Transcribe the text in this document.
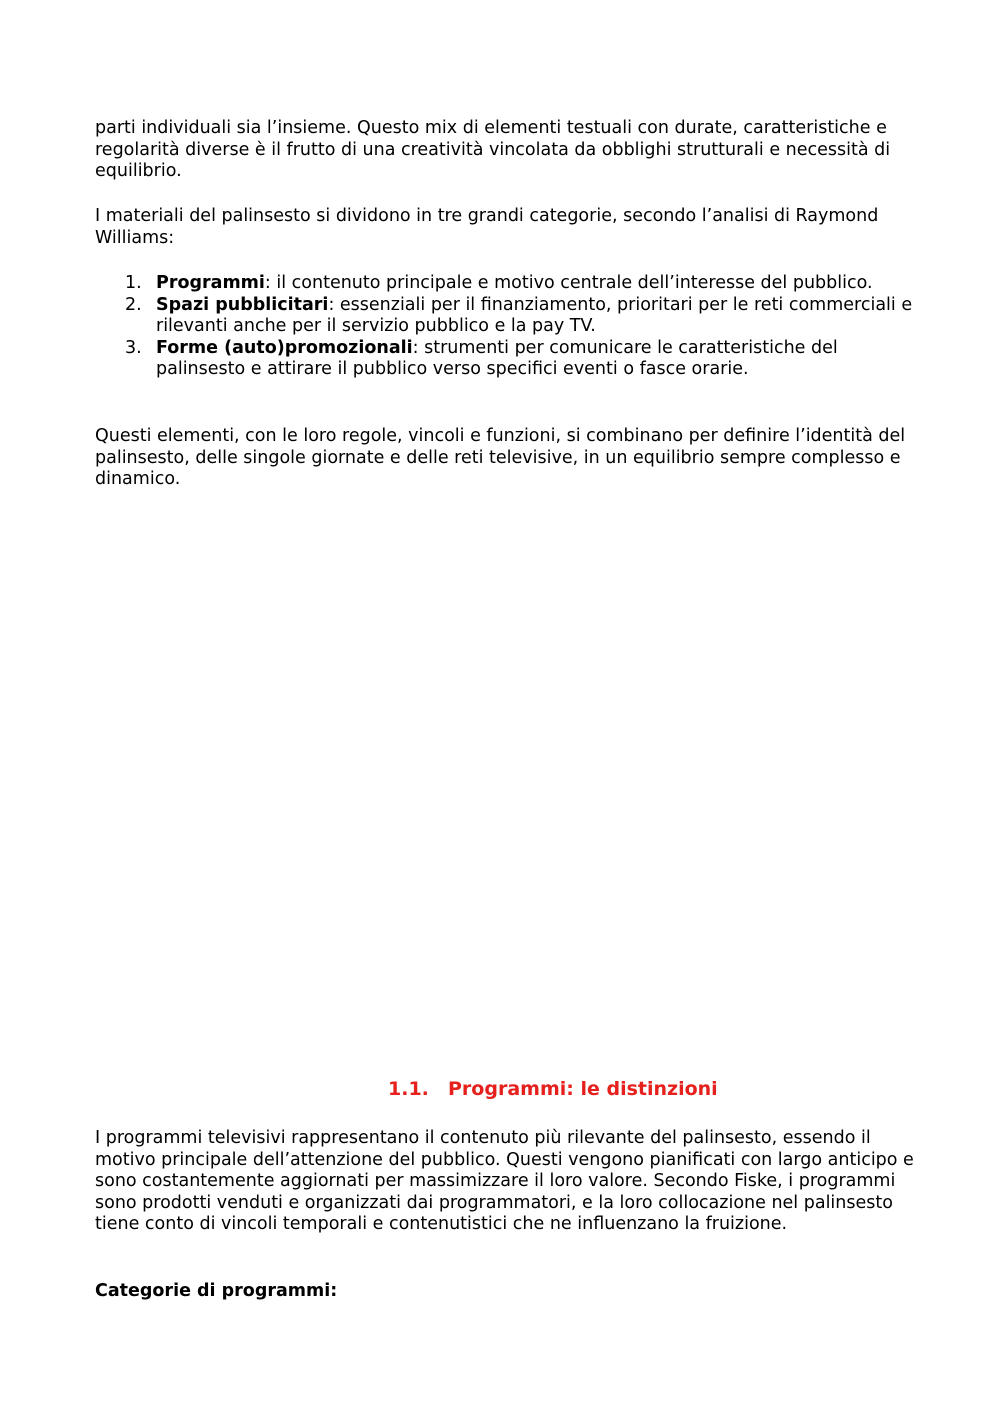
parti individuali sia l’insieme. Questo mix di elementi testuali con durate, caratteristiche e regolarità diverse è il frutto di una creatività vincolata da obblighi strutturali e necessità di equilibrio.

I materiali del palinsesto si dividono in tre grandi categorie, secondo l’analisi di Raymond Williams:

1. Programmi: il contenuto principale e motivo centrale dell’interesse del pubblico.
2. Spazi pubblicitari: essenziali per il finanziamento, prioritari per le reti commerciali e rilevanti anche per il servizio pubblico e la pay TV.
3. Forme (auto)promozionali: strumenti per comunicare le caratteristiche del palinsesto e attirare il pubblico verso specifici eventi o fasce orarie.

Questi elementi, con le loro regole, vincoli e funzioni, si combinano per definire l’identità del palinsesto, delle singole giornate e delle reti televisive, in un equilibrio sempre complesso e dinamico.

1.1. Programmi: le distinzioni

I programmi televisivi rappresentano il contenuto più rilevante del palinsesto, essendo il motivo principale dell’attenzione del pubblico. Questi vengono pianificati con largo anticipo e sono costantemente aggiornati per massimizzare il loro valore. Secondo Fiske, i programmi sono prodotti venduti e organizzati dai programmatori, e la loro collocazione nel palinsesto tiene conto di vincoli temporali e contenutistici che ne influenzano la fruizione.

Categorie di programmi:
